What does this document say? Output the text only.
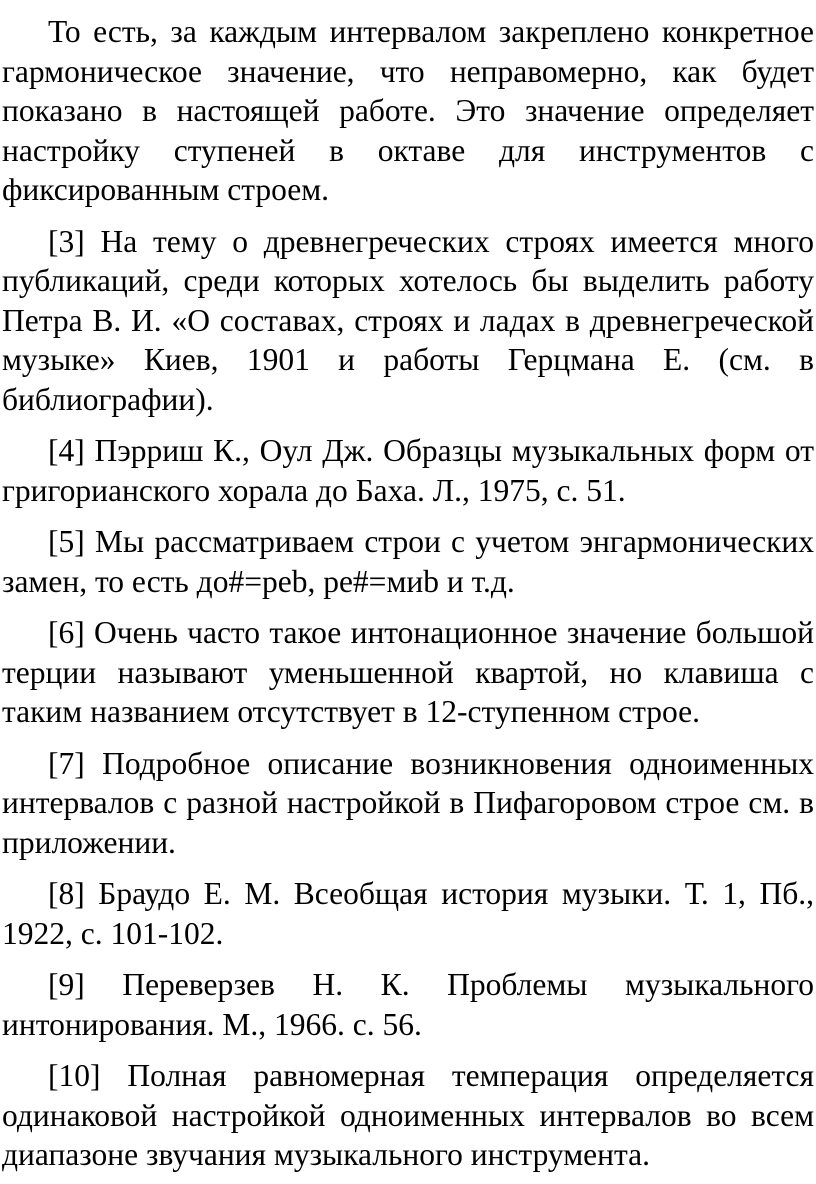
То есть, за каждым интервалом закреплено конкретное гармоническое значение, что неправомерно, как будет показано в настоящей работе. Это значение определяет настройку ступеней в октаве для инструментов с фиксированным строем.

[3] На тему о древнегреческих строях имеется много публикаций, среди которых хотелось бы выделить работу Петра В. И. «О составах, строях и ладах в древнегреческой музыке» Киев, 1901 и работы Герцмана Е. (см. в библиографии).

[4] Пэрриш К., Оул Дж. Образцы музыкальных форм от григорианского хорала до Баха. Л., 1975, с. 51.

[5] Мы рассматриваем строи с учетом энгармонических замен, то есть до#=реb, ре#=миb и т.д.

[6] Очень часто такое интонационное значение большой терции называют уменьшенной квартой, но клавиша с таким названием отсутствует в 12-ступенном строе.

[7] Подробное описание возникновения одноименных интервалов с разной настройкой в Пифагоровом строе см. в приложении.

[8] Браудо Е. М. Всеобщая история музыки. Т. 1, Пб., 1922, с. 101-102.

[9] Переверзев Н. К. Проблемы музыкального интонирования. М., 1966. с. 56.

[10] Полная равномерная темперация определяется одинаковой настройкой одноименных интервалов во всем диапазоне звучания музыкального инструмента.
